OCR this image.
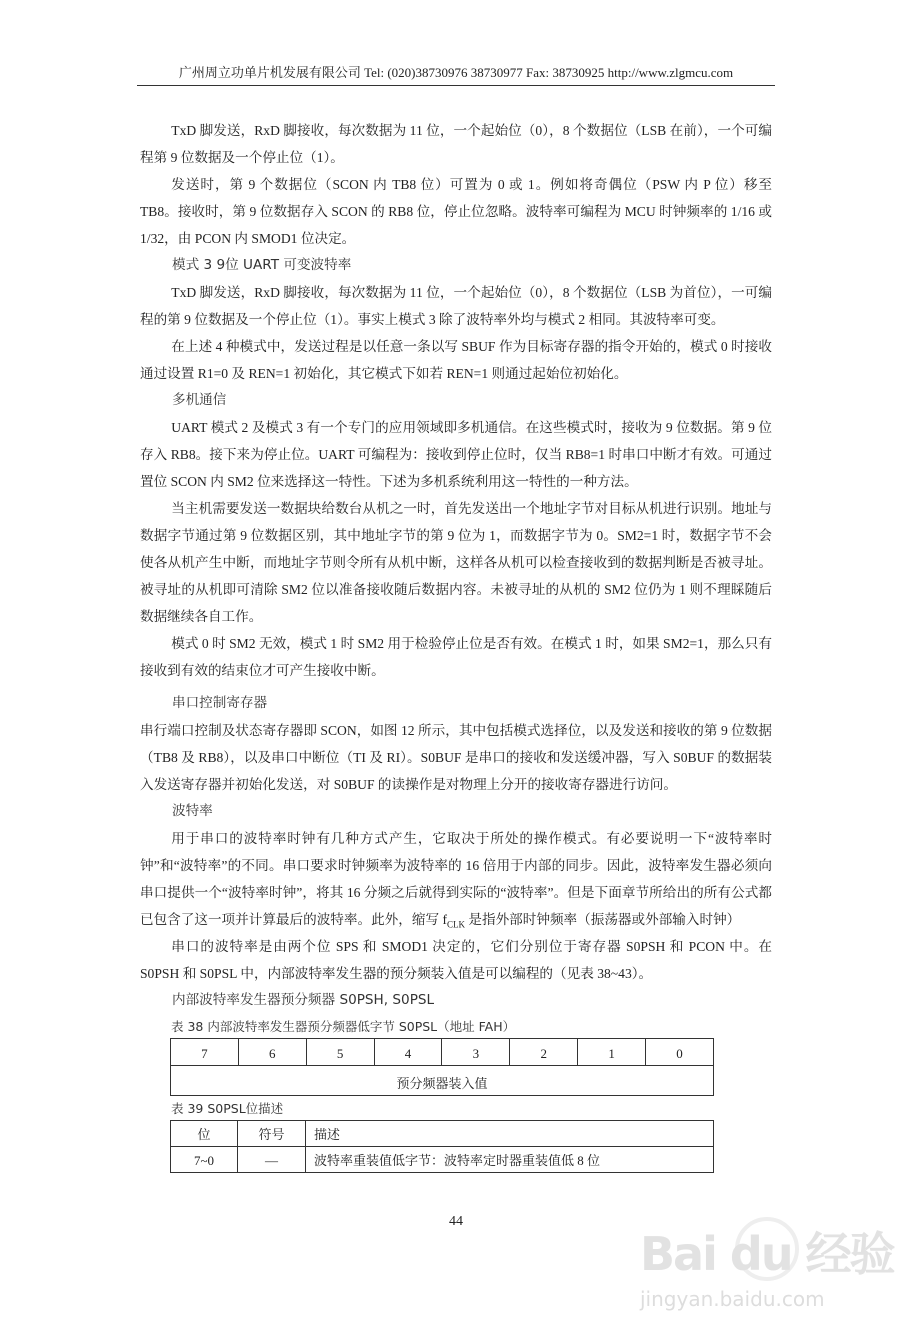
广州周立功单片机发展有限公司 Tel: (020)38730976 38730977 Fax: 38730925 http://www.zlgmcu.com

TxD 脚发送，RxD 脚接收，每次数据为 11 位，一个起始位（0），8 个数据位（LSB 在前），一个可编程第 9 位数据及一个停止位（1）。

发送时，第 9 个数据位（SCON 内 TB8 位）可置为 0 或 1。例如将奇偶位（PSW 内 P 位）移至 TB8。接收时，第 9 位数据存入 SCON 的 RB8 位，停止位忽略。波特率可编程为 MCU 时钟频率的 1/16 或 1/32，由 PCON 内 SMOD1 位决定。

模式 3 9位 UART 可变波特率

TxD 脚发送，RxD 脚接收，每次数据为 11 位，一个起始位（0），8 个数据位（LSB 为首位），一可编程的第 9 位数据及一个停止位（1）。事实上模式 3 除了波特率外均与模式 2 相同。其波特率可变。

在上述 4 种模式中，发送过程是以任意一条以写 SBUF 作为目标寄存器的指令开始的，模式 0 时接收通过设置 R1=0 及 REN=1 初始化，其它模式下如若 REN=1 则通过起始位初始化。

多机通信

UART 模式 2 及模式 3 有一个专门的应用领域即多机通信。在这些模式时，接收为 9 位数据。第 9 位存入 RB8。接下来为停止位。UART 可编程为：接收到停止位时，仅当 RB8=1 时串口中断才有效。可通过置位 SCON 内 SM2 位来选择这一特性。下述为多机系统利用这一特性的一种方法。

当主机需要发送一数据块给数台从机之一时，首先发送出一个地址字节对目标从机进行识别。地址与数据字节通过第 9 位数据区别，其中地址字节的第 9 位为 1，而数据字节为 0。SM2=1 时，数据字节不会使各从机产生中断，而地址字节则令所有从机中断，这样各从机可以检查接收到的数据判断是否被寻址。被寻址的从机即可清除 SM2 位以准备接收随后数据内容。未被寻址的从机的 SM2 位仍为 1 则不理睬随后数据继续各自工作。

模式 0 时 SM2 无效，模式 1 时 SM2 用于检验停止位是否有效。在模式 1 时，如果 SM2=1，那么只有接收到有效的结束位才可产生接收中断。

串口控制寄存器

串行端口控制及状态寄存器即 SCON，如图 12 所示，其中包括模式选择位，以及发送和接收的第 9 位数据（TB8 及 RB8），以及串口中断位（TI 及 RI）。S0BUF 是串口的接收和发送缓冲器，写入 S0BUF 的数据装入发送寄存器并初始化发送，对 S0BUF 的读操作是对物理上分开的接收寄存器进行访问。

波特率

用于串口的波特率时钟有几种方式产生，它取决于所处的操作模式。有必要说明一下“波特率时钟”和“波特率”的不同。串口要求时钟频率为波特率的 16 倍用于内部的同步。因此，波特率发生器必须向串口提供一个“波特率时钟”，将其 16 分频之后就得到实际的“波特率”。但是下面章节所给出的所有公式都已包含了这一项并计算最后的波特率。此外，缩写 $f_{CLK}$ 是指外部时钟频率（振荡器或外部输入时钟）

串口的波特率是由两个位 SPS 和 SMOD1 决定的，它们分别位于寄存器 S0PSH 和 PCON 中。在 S0PSH 和 S0PSL 中，内部波特率发生器的预分频装入值是可以编程的（见表 38~43）。

内部波特率发生器预分频器 S0PSH, S0PSL

表 38 内部波特率发生器预分频器低字节 S0PSL（地址 FAH）

7	6	5	4	3	2	1	0
预分频器装入值

表 39 S0PSL位描述

位	符号	描述
7~0	—	波特率重装值低字节：波特率定时器重装值低 8 位
44
Bai du 经验
jingyan.baidu.com
